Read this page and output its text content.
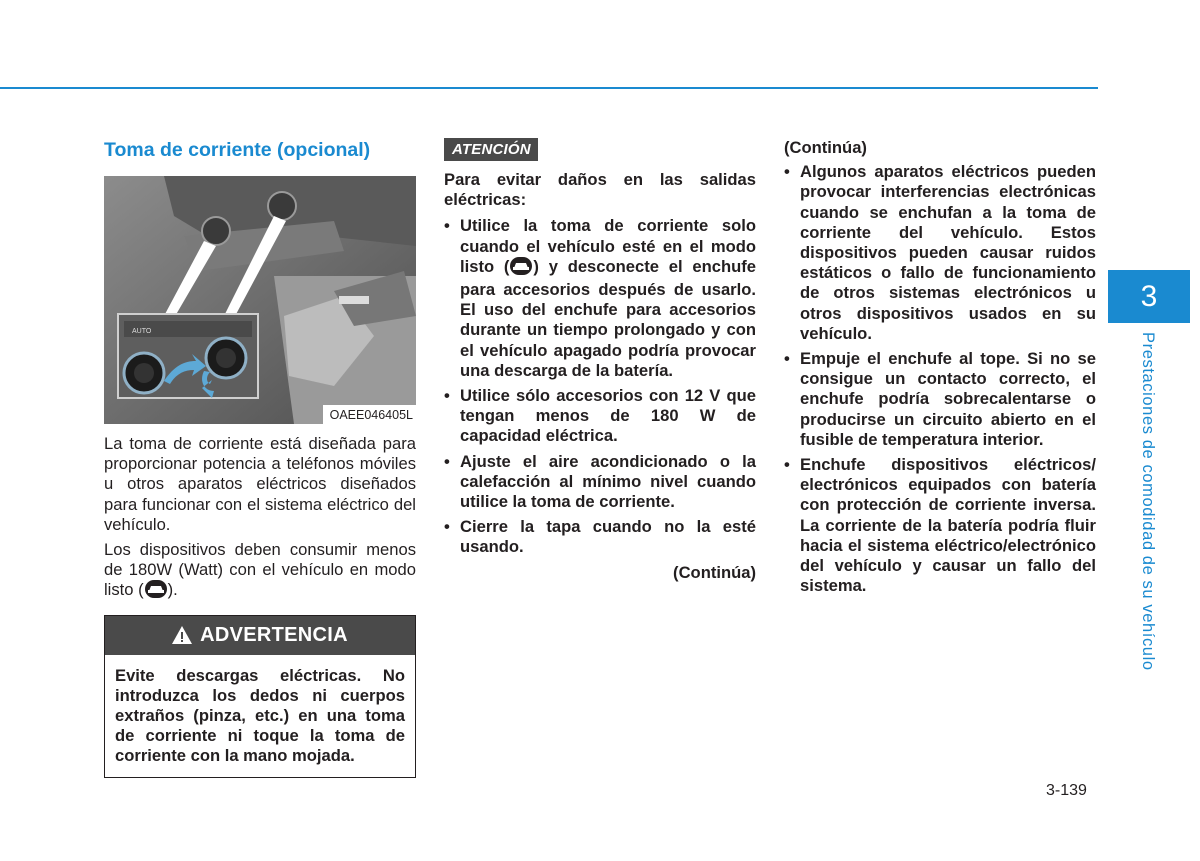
Toma de corriente (opcional)
AUTO
OAEE046405L

La toma de corriente está diseñada para proporcionar potencia a teléfonos móviles u otros aparatos eléctricos diseñados para funcionar con el sistema eléctrico del vehículo.

Los dispositivos deben consumir menos de 180W (Watt) con el vehículo en modo listo ( ).

ADVERTENCIA
Evite descargas eléctricas. No introduzca los dedos ni cuerpos extraños (pinza, etc.) en una toma de corriente ni toque la toma de corriente con la mano mojada.
ATENCIÓN
Para evitar daños en las salidas eléctricas:
• Utilice la toma de corriente solo cuando el vehículo esté en el modo listo ( ) y desconecte el enchufe para accesorios después de usarlo. El uso del enchufe para accesorios durante un tiempo prolongado y con el vehículo apagado podría provocar una descarga de la batería.
• Utilice sólo accesorios con 12 V que tengan menos de 180 W de capacidad eléctrica.
• Ajuste el aire acondicionado o la calefacción al mínimo nivel cuando utilice la toma de corriente.
• Cierre la tapa cuando no la esté usando.
(Continúa)
(Continúa)
• Algunos aparatos eléctricos pueden provocar interferencias electrónicas cuando se enchufan a la toma de corriente del vehículo. Estos dispositivos pueden causar ruidos estáticos o fallo de funcionamiento de otros sistemas electrónicos u otros dispositivos usados en su vehículo.
• Empuje el enchufe al tope. Si no se consigue un contacto correcto, el enchufe podría sobrecalentarse o producirse un circuito abierto en el fusible de temperatura interior.
• Enchufe dispositivos eléctricos/ electrónicos equipados con batería con protección de corriente inversa. La corriente de la batería podría fluir hacia el sistema eléctrico/electrónico del vehículo y causar un fallo del sistema.
3
Prestaciones de comodidad de su vehículo
3-139
